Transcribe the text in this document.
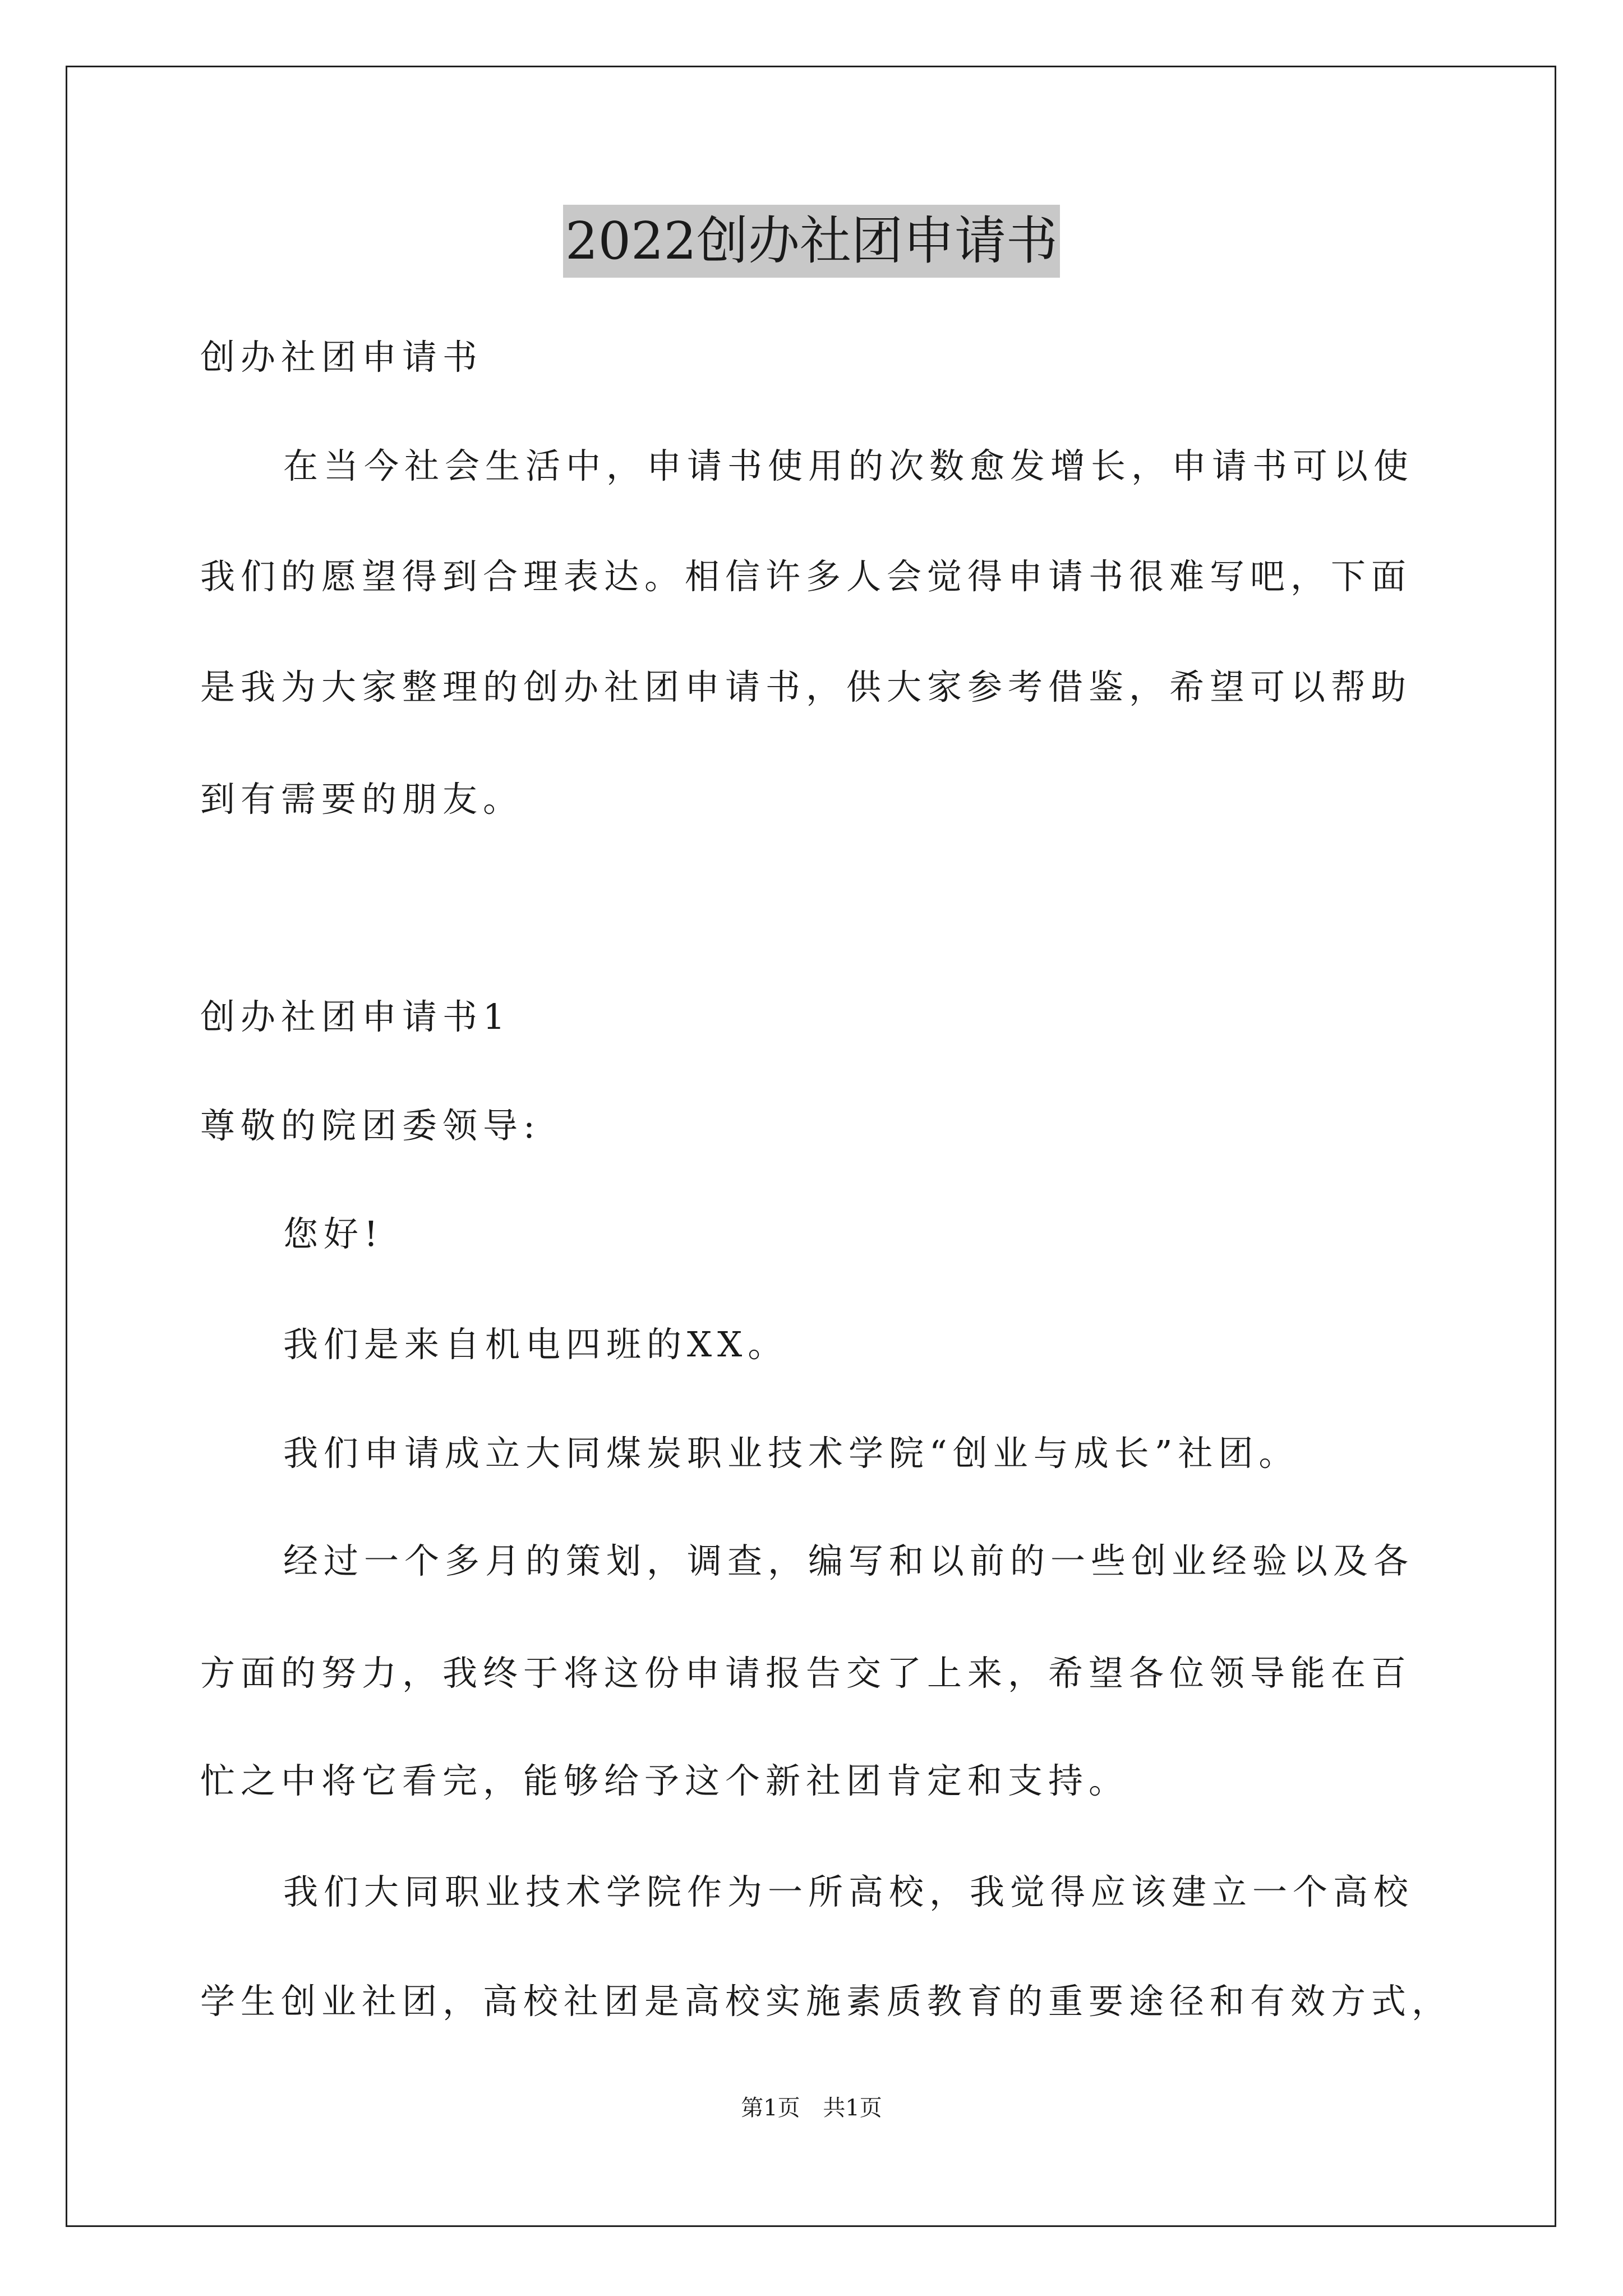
2022创办社团申请书
创办社团申请书
在当今社会生活中，申请书使用的次数愈发增长，申请书可以使
我们的愿望得到合理表达。相信许多人会觉得申请书很难写吧，下面
是我为大家整理的创办社团申请书，供大家参考借鉴，希望可以帮助
到有需要的朋友。
创办社团申请书1
尊敬的院团委领导:
您好!
我们是来自机电四班的XX。
我们申请成立大同煤炭职业技术学院“创业与成长”社团。
经过一个多月的策划，调查，编写和以前的一些创业经验以及各
方面的努力，我终于将这份申请报告交了上来，希望各位领导能在百
忙之中将它看完，能够给予这个新社团肯定和支持。
我们大同职业技术学院作为一所高校，我觉得应该建立一个高校
学生创业社团，高校社团是高校实施素质教育的重要途径和有效方式，
第1页 共1页
